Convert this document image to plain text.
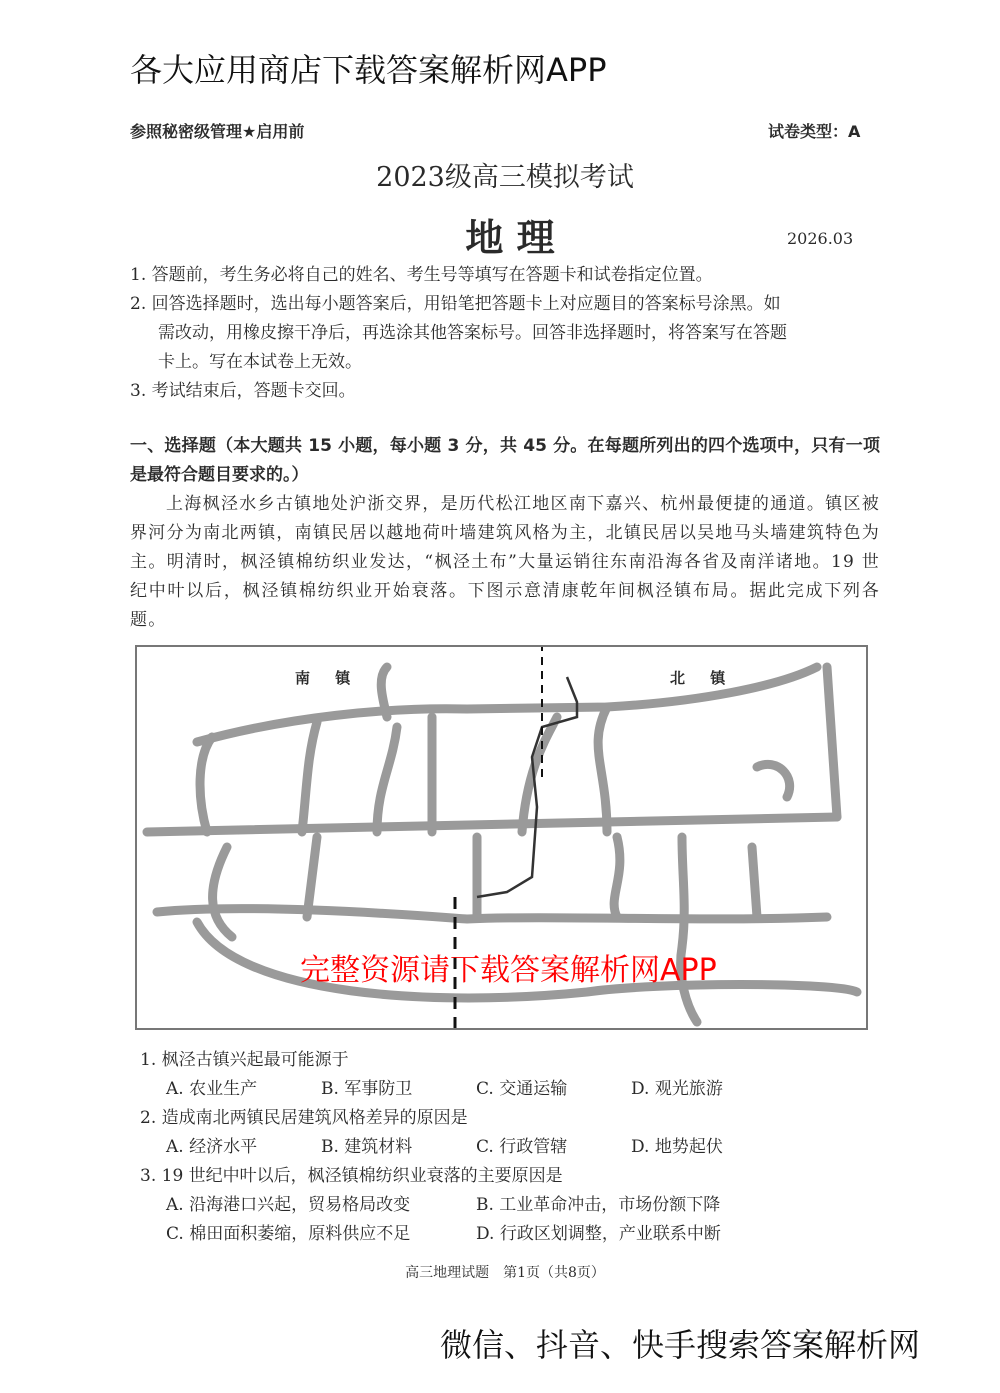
参照秘密级管理★启用前	试卷类型：A
2023级高三模拟考试
地 理	2026.03
1. 答题前，考生务必将自己的姓名、考生号等填写在答题卡和试卷指定位置。
2. 回答选择题时，选出每小题答案后，用铅笔把答题卡上对应题目的答案标号涂黑。如
需改动，用橡皮擦干净后，再选涂其他答案标号。回答非选择题时，将答案写在答题
卡上。写在本试卷上无效。
3. 考试结束后，答题卡交回。
一、选择题（本大题共 15 小题，每小题 3 分，共 45 分。在每题所列出的四个选项中，只有一项是最符合题目要求的。）
上海枫泾水乡古镇地处沪浙交界，是历代松江地区南下嘉兴、杭州最便捷的通道。镇区被界河分为南北两镇，南镇民居以越地荷叶墙建筑风格为主，北镇民居以吴地马头墙建筑特色为主。明清时，枫泾镇棉纺织业发达，“枫泾土布”大量运销往东南沿海各省及南洋诸地。19 世纪中叶以后，枫泾镇棉纺织业开始衰落。下图示意清康乾年间枫泾镇布局。据此完成下列各题。
南 镇	北 镇
1. 枫泾古镇兴起最可能源于
A. 农业生产	B. 军事防卫	C. 交通运输	D. 观光旅游
2. 造成南北两镇民居建筑风格差异的原因是
A. 经济水平	B. 建筑材料	C. 行政管辖	D. 地势起伏
3. 19 世纪中叶以后，枫泾镇棉纺织业衰落的主要原因是
A. 沿海港口兴起，贸易格局改变	B. 工业革命冲击，市场份额下降
C. 棉田面积萎缩，原料供应不足	D. 行政区划调整，产业联系中断
高三地理试题　第1页（共8页）
各大应用商店下载答案解析网APP
完整资源请下载答案解析网APP
微信、抖音、快手搜索答案解析网
